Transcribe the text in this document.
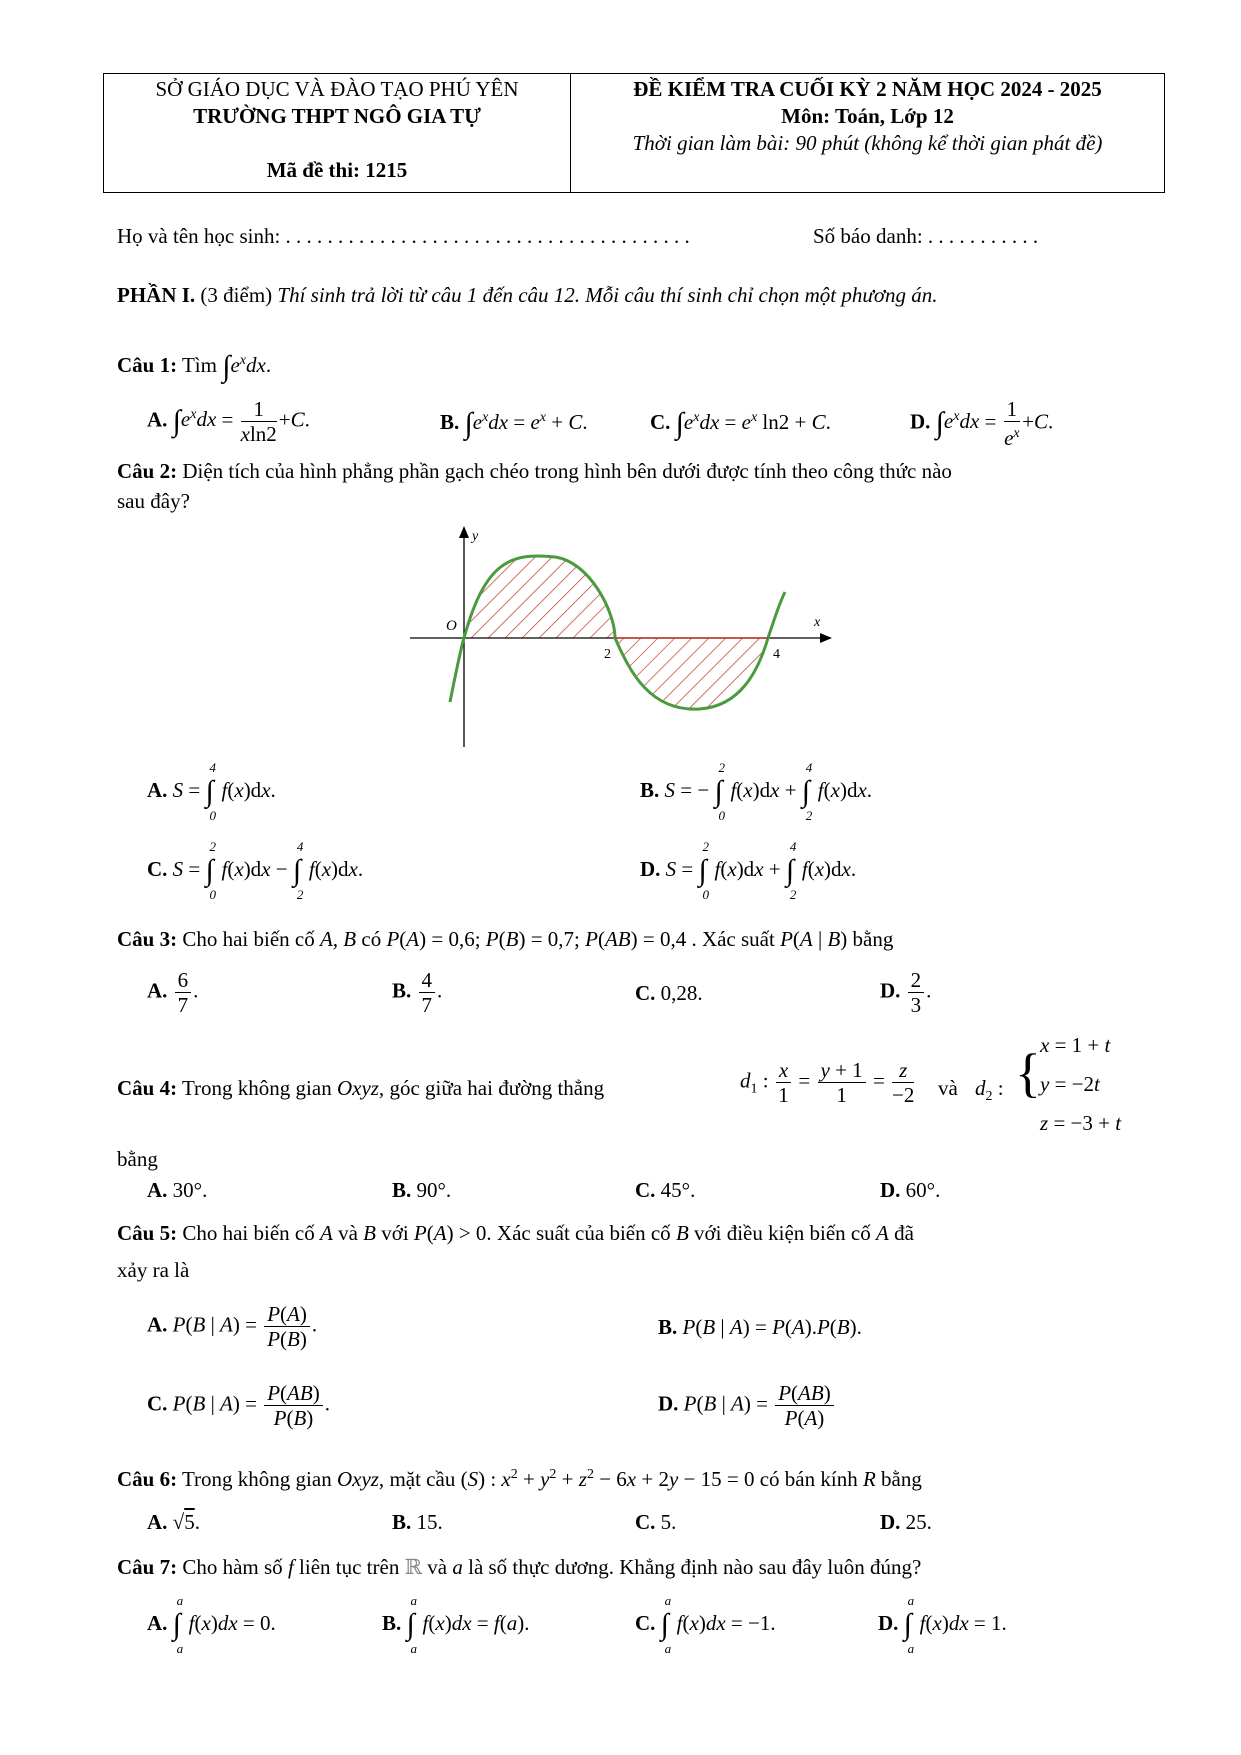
SỞ GIÁO DỤC VÀ ĐÀO TẠO PHÚ YÊN
TRƯỜNG THPT NGÔ GIA TỰ
Mã đề thi: 1215
ĐỀ KIỂM TRA CUỐI KỲ 2 NĂM HỌC 2024 - 2025
Môn: Toán, Lớp 12
Thời gian làm bài: 90 phút (không kể thời gian phát đề)
Họ và tên học sinh: . . . . . . . . . . . . . . . . . . . . . . . . . . . . . . . . . . . . . . .	Số báo danh: . . . . . . . . . . .
PHẦN I. (3 điểm) Thí sinh trả lời từ câu 1 đến câu 12. Mỗi câu thí sinh chỉ chọn một phương án.
Câu 1: Tìm $\int e^xdx$.
A. $\int e^xdx = \frac{1}{xln2} +C$.	B. $\int e^xdx = e^x + C$.	C. $\int e^xdx = e^x$ ln2 + C.	D. $\int e^xdx = \frac{1}{e^x} +C$.
Câu 2: Diện tích của hình phẳng phần gạch chéo trong hình bên dưới được tính theo công thức nào
sau đây?
y
x
O
2	4
A. S =
4
∫
0
f(x)dx.	B. S = −
2
∫
0
f(x)dx +
4
∫
2
f(x)dx.
C. S =
2
∫
0
f(x)dx −
4
∫
2
f(x)dx.	D. S =
2
∫
0
f(x)dx +
4
∫
2
f(x)dx.
Câu 3: Cho hai biến cố A, B có P(A) = 0,6; P(B) = 0,7; P(AB) = 0,4 . Xác suất P(A | B) bằng
A. $\frac{6}{7}$ .	B. $\frac{4}{7}$ .	C. 0,28.	D. $\frac{2}{3}$ .
Câu 4: Trong không gian Oxyz, góc giữa hai đường thẳng	$d_1$ : $\frac{x}{1} = \frac{y + 1}{1} = \frac{z}{-2}$ và $d_2$ : { x = 1 + t
y = −2t
z = −3 + t
bằng
A. 30°.	B. 90°.	C. 45°.	D. 60°.
Câu 5: Cho hai biến cố A và B với P(A) > 0. Xác suất của biến cố B với điều kiện biến cố A đã
xảy ra là
A. P(B | $A) = \frac{P(A)}{P(B)}$ .	B. P(B | A) = P(A).P(B).
C. P(B | $A) = \frac{P(AB)}{P(B)}$ .	D. P(B | $A) = \frac{P(AB)}{P(A)}$
Câu 6: Trong không gian Oxyz, mặt cầu (S) : $x^2 + y^2 + z^2 - 6x + 2y - 15 = 0$ có bán kính R bằng
A. √5.	B. 15.	C. 5.	D. 25.
Câu 7: Cho hàm số f liên tục trên ℝ và a là số thực dương. Khẳng định nào sau đây luôn đúng?
A.
a
∫
a
f(x)dx = 0.	B.
a
∫
a
f(x)dx = f(a).	C.
a
∫
a
f(x)dx = −1.	D.
a
∫
a
f(x)dx = 1.
